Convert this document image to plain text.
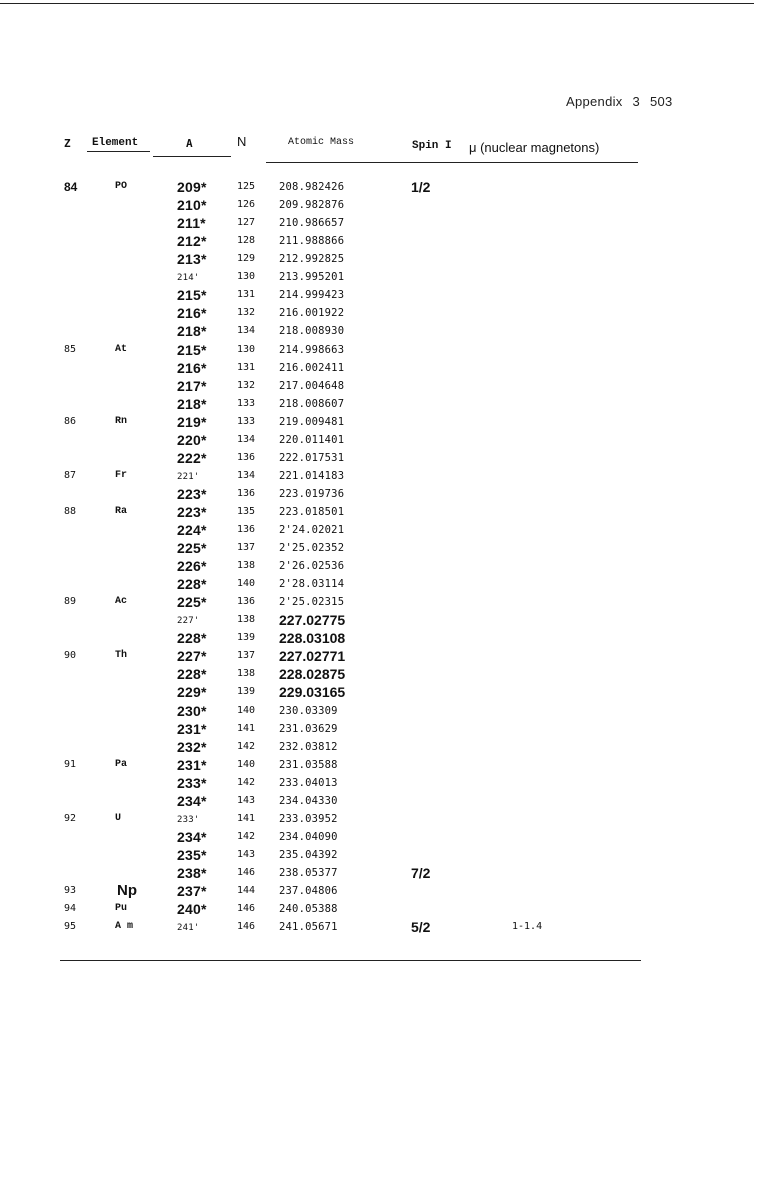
Appendix 3 503
Z Element	A	N	Atomic Mass	Spin I μ (nuclear magnetons)
84	PO	209*	125 208.982426	1/2
210*	126 209.982876
211*	127 210.986657
212*	128 211.988866
213*	129 212.992825
214'	130 213.995201
215*	131 214.999423
216*	132 216.001922
218*	134 218.008930
85	At	215*	130 214.998663
216*	131 216.002411
217*	132 217.004648
218*	133 218.008607
86	Rn	219*	133 219.009481
220*	134 220.011401
222*	136 222.017531
87	Fr	221'	134 221.014183
223*	136 223.019736
88	Ra	223*	135 223.018501
224*	136 2'24.02021
225*	137 2'25.02352
226*	138 2'26.02536
228*	140 2'28.03114
89	Ac	225*	136 2'25.02315
227'	138 227.02775
228*	139 228.03108
90	Th	227*	137 227.02771
228*	138 228.02875
229*	139 229.03165
230*	140 230.03309
231*	141 231.03629
232*	142 232.03812
91	Pa	231*	140 231.03588
233*	142 233.04013
234*	143 234.04330
92	U	233'	141 233.03952
234*	142 234.04090
235*	143 235.04392
238*	146 238.05377	7/2
93	Np	237*	144 237.04806
94	Pu	240*	146 240.05388
95	A m	241'	146 241.05671	5/2	1-1.4
